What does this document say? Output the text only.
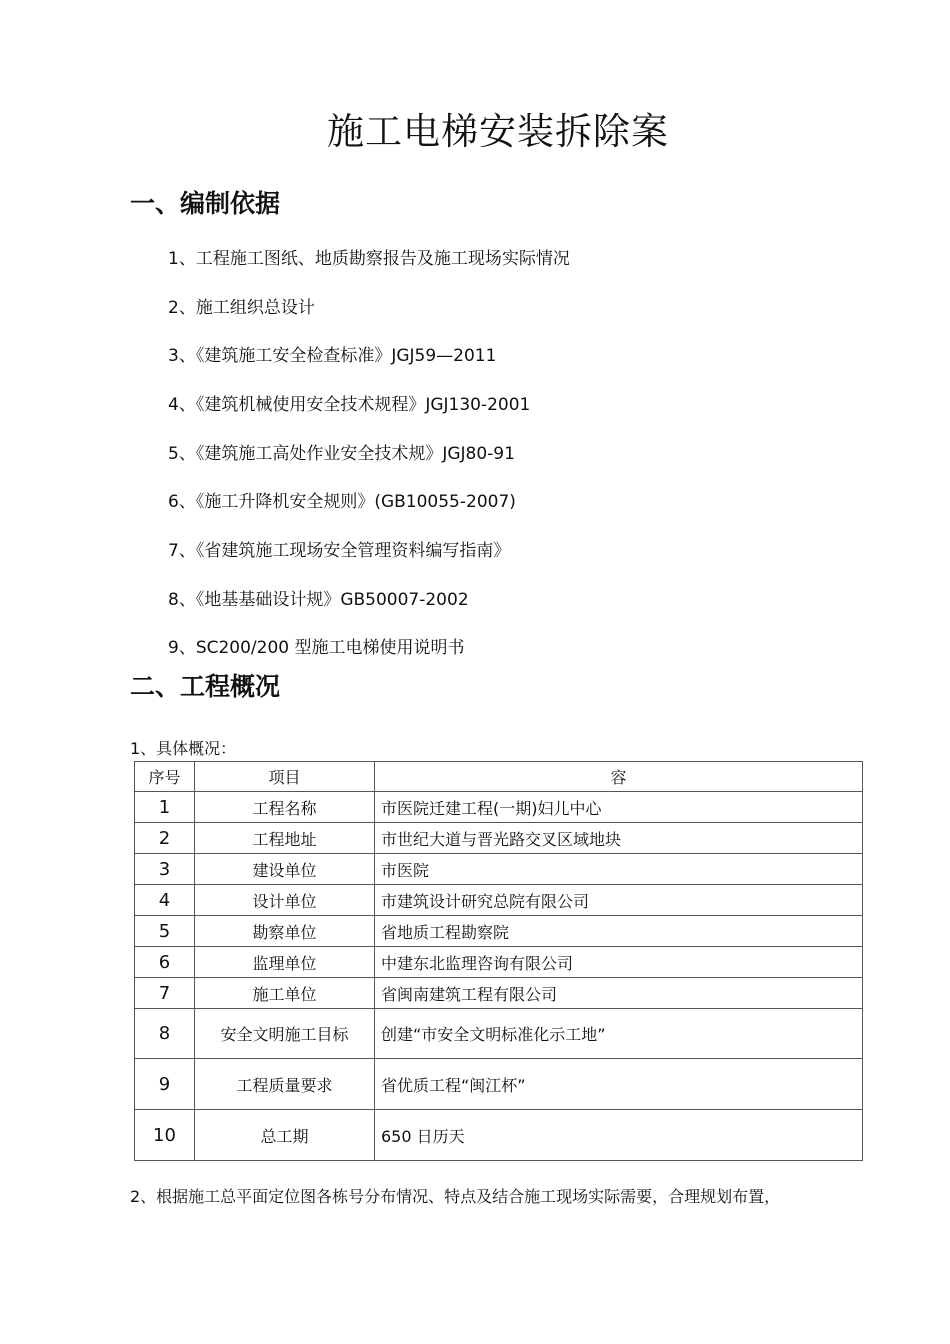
施工电梯安装拆除案
一、编制依据
1、工程施工图纸、地质勘察报告及施工现场实际情况
2、施工组织总设计
3、《建筑施工安全检查标准》JGJ59—2011
4、《建筑机械使用安全技术规程》JGJ130-2001
5、《建筑施工高处作业安全技术规》JGJ80-91
6、《施工升降机安全规则》(GB10055-2007)
7、《省建筑施工现场安全管理资料编写指南》
8、《地基基础设计规》GB50007-2002
9、SC200/200 型施工电梯使用说明书
二、工程概况
1、具体概况：
序号	项目	容
1	工程名称	市医院迁建工程(一期)妇儿中心
2	工程地址	市世纪大道与晋光路交叉区域地块
3	建设单位	市医院
4	设计单位	市建筑设计研究总院有限公司
5	勘察单位	省地质工程勘察院
6	监理单位	中建东北监理咨询有限公司
7	施工单位	省闽南建筑工程有限公司
8	安全文明施工目标	创建“市安全文明标准化示工地”
9	工程质量要求	省优质工程“闽江杯”
10	总工期	650 日历天
2、根据施工总平面定位图各栋号分布情况、特点及结合施工现场实际需要，合理规划布置，
